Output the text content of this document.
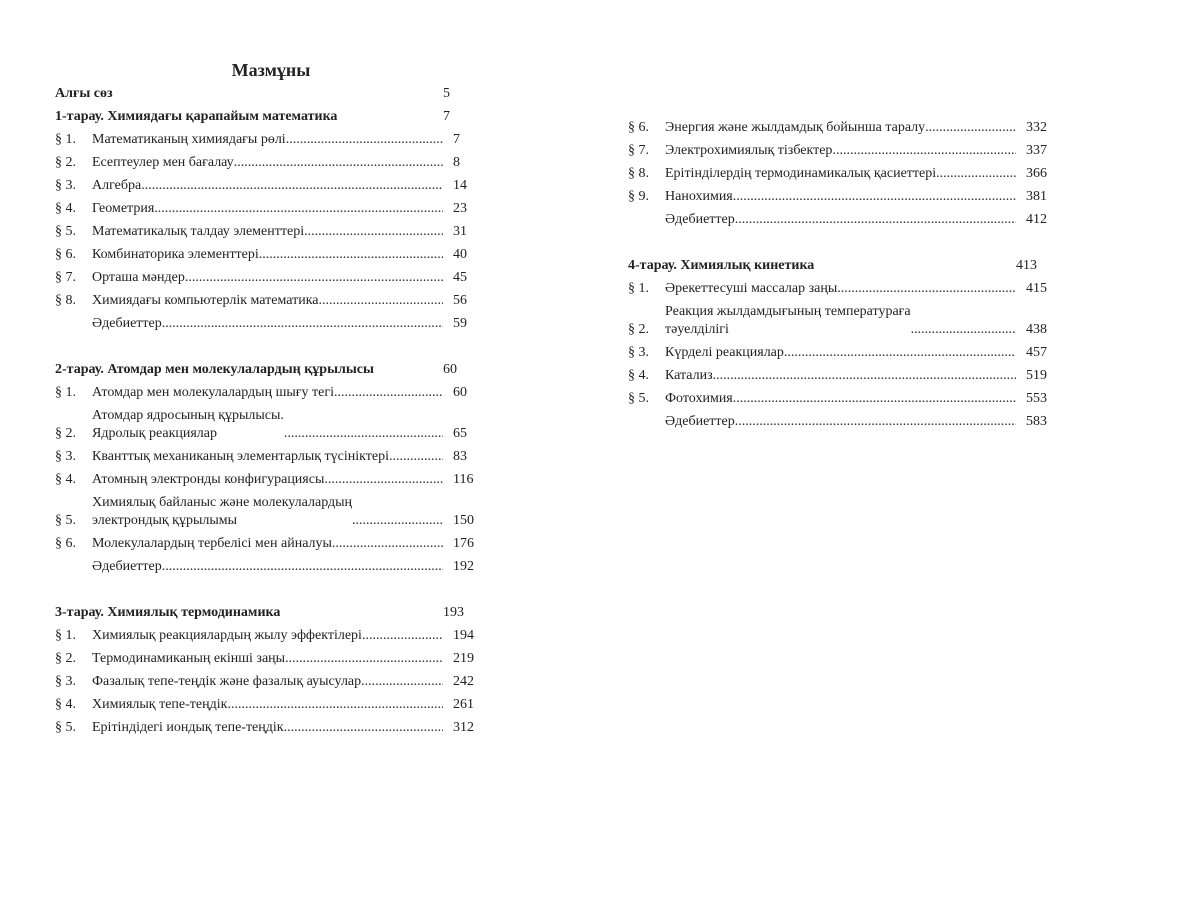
Мазмұны
Алғы сөз	5
1-тарау. Химиядағы қарапайым математика	7
§ 1.	Математиканың химиядағы рөлі .....	7
§ 2.	Есептеулер мен бағалау .....	8
§ 3.	Алгебра .....	14
§ 4.	Геометрия .....	23
§ 5.	Математикалық талдау элементтері .....	31
§ 6.	Комбинаторика элементтері .....	40
§ 7.	Орташа мәндер .....	45
§ 8.	Химиядағы компьютерлік математика .....	56
Әдебиеттер .....	59
2-тарау. Атомдар мен молекулалардың құрылысы	60
§ 1.	Атомдар мен молекулалардың шығу тегі .....	60
§ 2.
Атомдар ядросының құрылысы.
Ядролық реакциялар .....	65
§ 3.	Кванттық механиканың элементарлық түсініктері .....	83
§ 4.	Атомның электронды конфигурациясы .....	116
§ 5.
Химиялық байланыс және молекулалардың
электрондық құрылымы .....	150
§ 6.	Молекулалардың тербелісі мен айналуы .....	176
Әдебиеттер .....	192
3-тарау. Химиялық термодинамика	193
§ 1.	Химиялық реакциялардың жылу эффектілері .....	194
§ 2.	Термодинамиканың екінші заңы .....	219
§ 3.	Фазалық тепе-теңдік және фазалық ауысулар .....	242
§ 4.	Химиялық тепе-теңдік .....	261
§ 5.	Ерітіндідегі иондық тепе-теңдік .....	312
§ 6.	Энергия және жылдамдық бойынша таралу .....	332
§ 7.	Электрохимиялық тізбектер .....	337
§ 8.	Ерітінділердің термодинамикалық қасиеттері .....	366
§ 9.	Нанохимия .....	381
Әдебиеттер .....	412
4-тарау. Химиялық кинетика	413
§ 1.	Әрекеттесуші массалар заңы .....	415
§ 2.
Реакция жылдамдығының температураға
тәуелділігі .....	438
§ 3.	Күрделі реакциялар .....	457
§ 4.	Катализ .....	519
§ 5.	Фотохимия .....	553
Әдебиеттер .....	583
